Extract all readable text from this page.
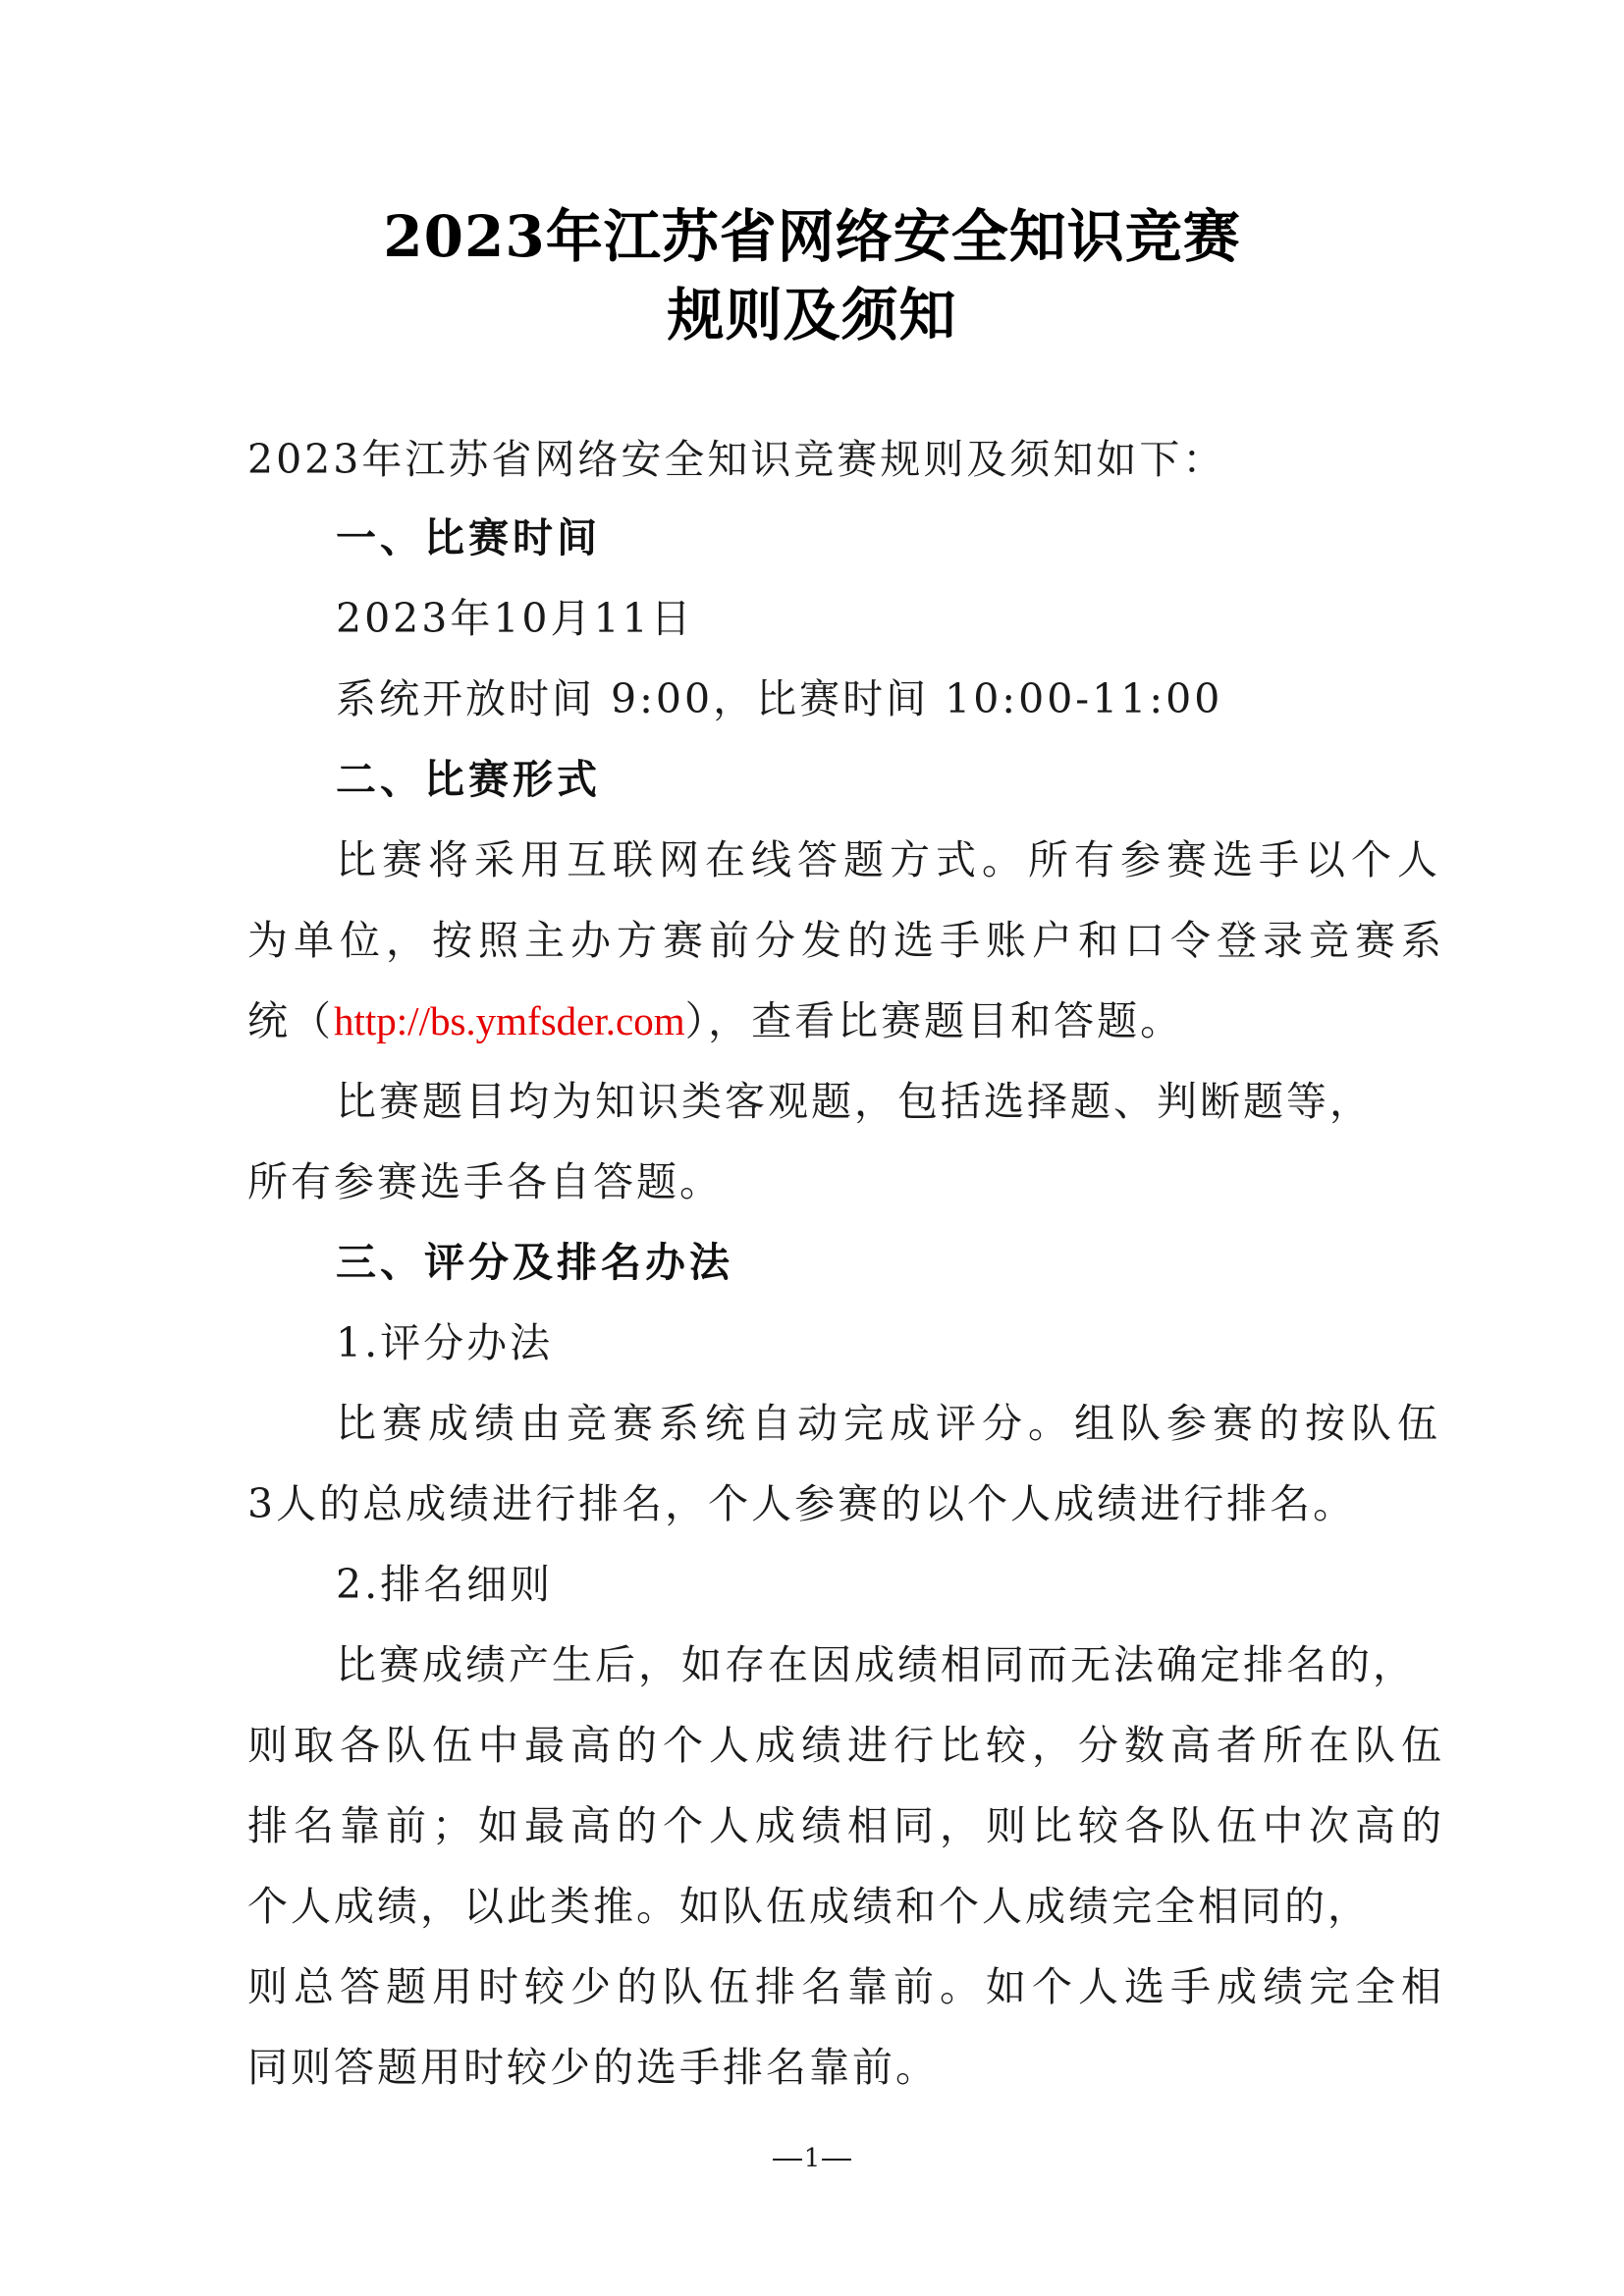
2023年江苏省网络安全知识竞赛
规则及须知
2023年江苏省网络安全知识竞赛规则及须知如下：
一、比赛时间
2023年10月11日
系统开放时间 9:00，比赛时间 10:00-11:00
二、比赛形式
比赛将采用互联网在线答题方式。所有参赛选手以个人
为单位，按照主办方赛前分发的选手账户和口令登录竞赛系
统（http://bs.ymfsder.com），查看比赛题目和答题。
比赛题目均为知识类客观题，包括选择题、判断题等，
所有参赛选手各自答题。
三、评分及排名办法
1.评分办法
比赛成绩由竞赛系统自动完成评分。组队参赛的按队伍
3人的总成绩进行排名，个人参赛的以个人成绩进行排名。
2.排名细则
比赛成绩产生后，如存在因成绩相同而无法确定排名的，
则取各队伍中最高的个人成绩进行比较，分数高者所在队伍
排名靠前；如最高的个人成绩相同，则比较各队伍中次高的
个人成绩，以此类推。如队伍成绩和个人成绩完全相同的，
则总答题用时较少的队伍排名靠前。如个人选手成绩完全相
同则答题用时较少的选手排名靠前。
1
